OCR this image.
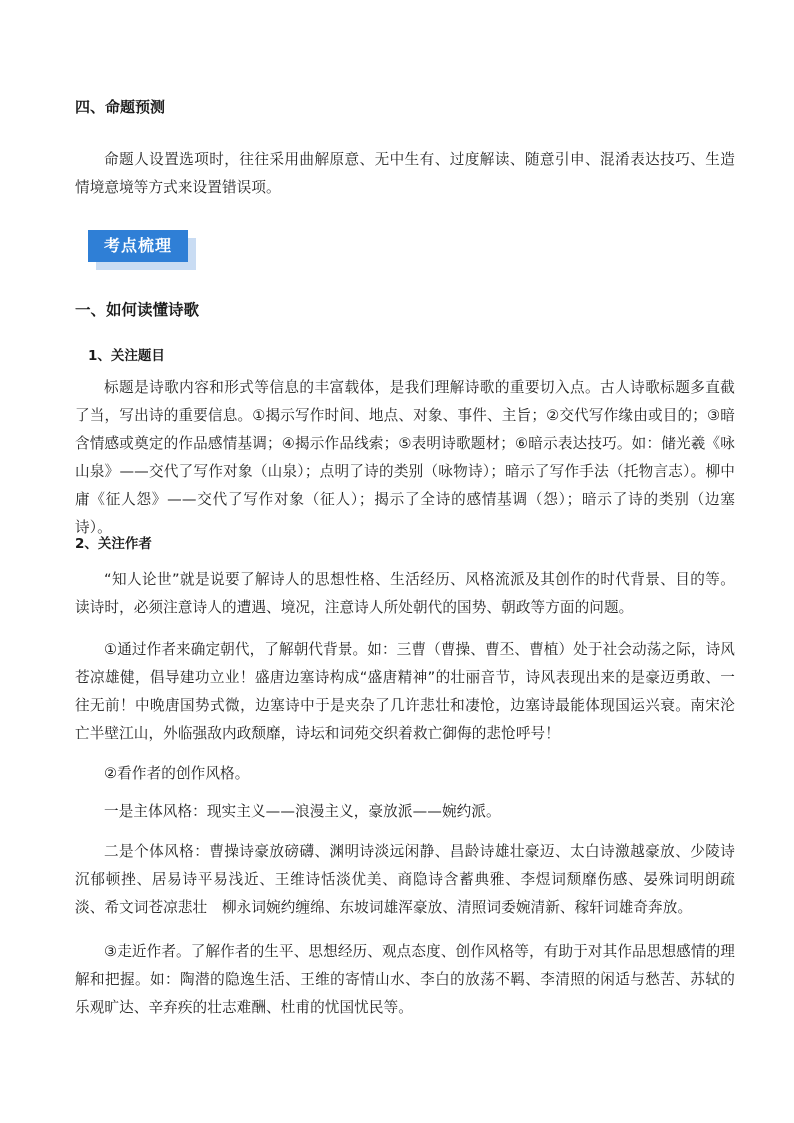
四、命题预测
命题人设置选项时，往往采用曲解原意、无中生有、过度解读、随意引申、混淆表达技巧、生造情境意境等方式来设置错误项。
考点梳理
一、如何读懂诗歌
1、关注题目
标题是诗歌内容和形式等信息的丰富载体，是我们理解诗歌的重要切入点。古人诗歌标题多直截了当，写出诗的重要信息。①揭示写作时间、地点、对象、事件、主旨；②交代写作缘由或目的；③暗含情感或奠定的作品感情基调；④揭示作品线索；⑤表明诗歌题材；⑥暗示表达技巧。如：储光羲《咏山泉》——交代了写作对象（山泉）；点明了诗的类别（咏物诗）；暗示了写作手法（托物言志）。柳中庸《征人怨》——交代了写作对象（征人）；揭示了全诗的感情基调（怨）；暗示了诗的类别（边塞诗）。
2、关注作者
“知人论世”就是说要了解诗人的思想性格、生活经历、风格流派及其创作的时代背景、目的等。读诗时，必须注意诗人的遭遇、境况，注意诗人所处朝代的国势、朝政等方面的问题。
①通过作者来确定朝代，了解朝代背景。如：三曹（曹操、曹丕、曹植）处于社会动荡之际，诗风苍凉雄健，倡导建功立业！盛唐边塞诗构成“盛唐精神”的壮丽音节，诗风表现出来的是豪迈勇敢、一往无前！中晚唐国势式微，边塞诗中于是夹杂了几许悲壮和凄怆，边塞诗最能体现国运兴衰。南宋沦亡半壁江山，外临强敌内政颓靡，诗坛和词苑交织着救亡御侮的悲怆呼号！
②看作者的创作风格。
一是主体风格：现实主义——浪漫主义，豪放派——婉约派。
二是个体风格：曹操诗豪放磅礴、渊明诗淡远闲静、昌龄诗雄壮豪迈、太白诗激越豪放、少陵诗沉郁顿挫、居易诗平易浅近、王维诗恬淡优美、商隐诗含蓄典雅、李煜词颓靡伤感、晏殊词明朗疏淡、希文词苍凉悲壮　柳永词婉约缠绵、东坡词雄浑豪放、清照词委婉清新、稼轩词雄奇奔放。
③走近作者。了解作者的生平、思想经历、观点态度、创作风格等，有助于对其作品思想感情的理解和把握。如：陶潜的隐逸生活、王维的寄情山水、李白的放荡不羁、李清照的闲适与愁苦、苏轼的乐观旷达、辛弃疾的壮志难酬、杜甫的忧国忧民等。
